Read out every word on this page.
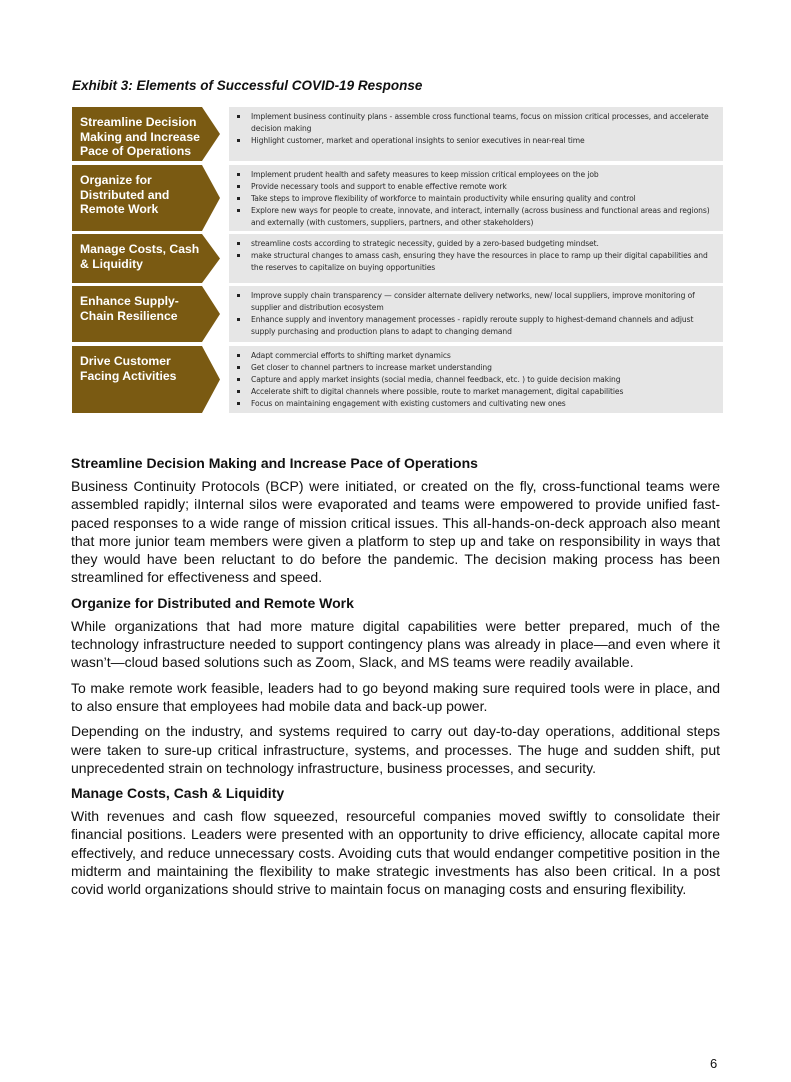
Exhibit 3: Elements of Successful COVID-19 Response
Streamline Decision Making and Increase Pace of Operations
Implement business continuity plans - assemble cross functional teams, focus on mission critical processes, and accelerate decision making
Highlight customer, market and operational insights to senior executives in near-real time
Organize for Distributed and Remote Work
Implement prudent health and safety measures to keep mission critical employees on the job
Provide necessary tools and support to enable effective remote work
Take steps to improve flexibility of workforce to maintain productivity while ensuring quality and control
Explore new ways for people to create, innovate, and interact, internally (across business and functional areas and regions) and externally (with customers, suppliers, partners, and other stakeholders)
Manage Costs, Cash & Liquidity
streamline costs according to strategic necessity, guided by a zero-based budgeting mindset.
make structural changes to amass cash, ensuring they have the resources in place to ramp up their digital capabilities and the reserves to capitalize on buying opportunities
Enhance Supply-Chain Resilience
Improve supply chain transparency — consider alternate delivery networks, new/ local suppliers, improve monitoring of supplier and distribution ecosystem
Enhance supply and inventory management processes - rapidly reroute supply to highest-demand channels and adjust supply purchasing and production plans to adapt to changing demand
Drive Customer Facing Activities
Adapt commercial efforts to shifting market dynamics
Get closer to channel partners to increase market understanding
Capture and apply market insights (social media, channel feedback, etc. ) to guide decision making
Accelerate shift to digital channels where possible, route to market management, digital capabilities
Focus on maintaining engagement with existing customers and cultivating new ones
Streamline Decision Making and Increase Pace of Operations

Business Continuity Protocols (BCP) were initiated, or created on the fly, cross-functional teams were assembled rapidly; iInternal silos were evaporated and teams were empowered to provide unified fast-paced responses to a wide range of mission critical issues. This all-hands-on-deck approach also meant that more junior team members were given a platform to step up and take on responsibility in ways that they would have been reluctant to do before the pandemic. The decision making process has been streamlined for effectiveness and speed.

Organize for Distributed and Remote Work

While organizations that had more mature digital capabilities were better prepared, much of the technology infrastructure needed to support contingency plans was already in place—and even where it wasn’t—cloud based solutions such as Zoom, Slack, and MS teams were readily available.

To make remote work feasible, leaders had to go beyond making sure required tools were in place, and to also ensure that employees had mobile data and back-up power.

Depending on the industry, and systems required to carry out day-to-day operations, additional steps were taken to sure-up critical infrastructure, systems, and processes. The huge and sudden shift, put unprecedented strain on technology infrastructure, business processes, and security.

Manage Costs, Cash & Liquidity

With revenues and cash flow squeezed, resourceful companies moved swiftly to consolidate their financial positions. Leaders were presented with an opportunity to drive efficiency, allocate capital more effectively, and reduce unnecessary costs. Avoiding cuts that would endanger competitive position in the midterm and maintaining the flexibility to make strategic investments has also been critical. In a post covid world organizations should strive to maintain focus on managing costs and ensuring flexibility.

6
